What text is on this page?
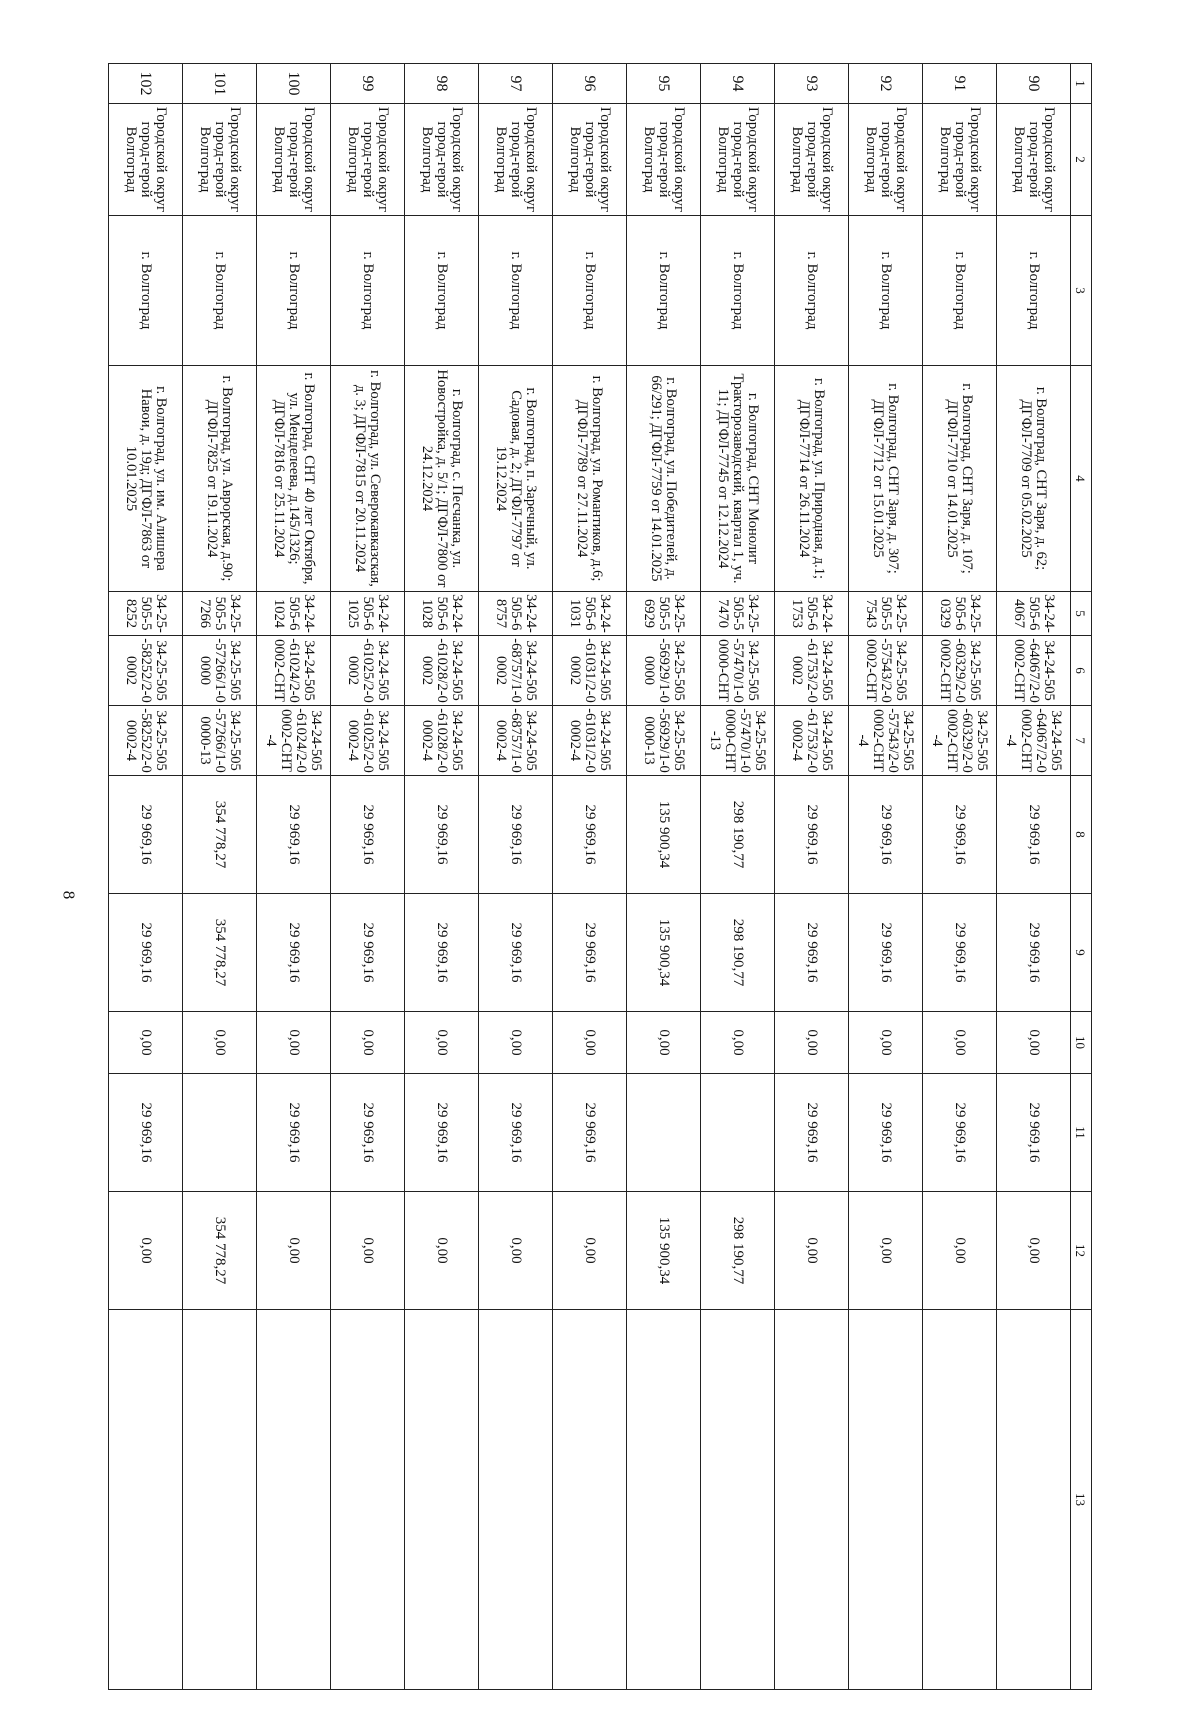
8
1	2	3	4	5	6	7	8	9	10	11	12	13
90	Городской округ город-герой Волгоград	г. Волгоград	г. Волгоград, СНТ Заря, д. 62; ДГФЛ-7709 от 05.02.2025	34-24-505-64067	34-24-505-64067/2-00002-СНТ	34-24-505-64067/2-00002-СНТ-4	29 969,16	29 969,16	0,00	29 969,16	0,00	
91	Городской округ город-герой Волгоград	г. Волгоград	г. Волгоград, СНТ Заря, д. 107; ДГФЛ-7710 от 14.01.2025	34-25-505-60329	34-25-505-60329/2-00002-СНТ	34-25-505-60329/2-00002-СНТ-4	29 969,16	29 969,16	0,00	29 969,16	0,00	
92	Городской округ город-герой Волгоград	г. Волгоград	г. Волгоград, СНТ Заря, д. 307; ДГФЛ-7712 от 15.01.2025	34-25-505-57543	34-25-505-57543/2-00002-СНТ	34-25-505-57543/2-00002-СНТ-4	29 969,16	29 969,16	0,00	29 969,16	0,00	
93	Городской округ город-герой Волгоград	г. Волгоград	г. Волгоград, ул. Природная, д.1; ДГФЛ-7714 от 26.11.2024	34-24-505-61753	34-24-505-61753/2-00002	34-24-505-61753/2-00002-4	29 969,16	29 969,16	0,00	29 969,16	0,00	
94	Городской округ город-герой Волгоград	г. Волгоград	г. Волгоград, СНТ Монолит Тракторозаводский, квартал 1, уч. 11; ДГФЛ-7745 от 12.12.2024	34-25-505-57470	34-25-505-57470/1-00000-СНТ	34-25-505-57470/1-00000-СНТ-13	298 190,77	298 190,77	0,00		298 190,77	
95	Городской округ город-герой Волгоград	г. Волгоград	г. Волгоград, ул. Победителей, д. 66/291; ДГФЛ-7759 от 14.01.2025	34-25-505-56929	34-25-505-56929/1-00000	34-25-505-56929/1-00000-13	135 900,34	135 900,34	0,00		135 900,34	
96	Городской округ город-герой Волгоград	г. Волгоград	г. Волгоград, ул. Романтиков, д.6; ДГФЛ-7789 от 27.11.2024	34-24-505-61031	34-24-505-61031/2-00002	34-24-505-61031/2-00002-4	29 969,16	29 969,16	0,00	29 969,16	0,00	
97	Городской округ город-герой Волгоград	г. Волгоград	г. Волгоград, п. Заречный, ул. Садовая, д. 2; ДГФЛ-7797 от 19.12.2024	34-24-505-68757	34-24-505-68757/1-00002	34-24-505-68757/1-00002-4	29 969,16	29 969,16	0,00	29 969,16	0,00	
98	Городской округ город-герой Волгоград	г. Волгоград	г. Волгоград, с. Песчанка, ул. Новостройка, д. 5/1; ДГФЛ-7800 от 24.12.2024	34-24-505-61028	34-24-505-61028/2-00002	34-24-505-61028/2-00002-4	29 969,16	29 969,16	0,00	29 969,16	0,00	
99	Городской округ город-герой Волгоград	г. Волгоград	г. Волгоград, ул. Северокавказская, д. 3; ДГФЛ-7815 от 20.11.2024	34-24-505-61025	34-24-505-61025/2-00002	34-24-505-61025/2-00002-4	29 969,16	29 969,16	0,00	29 969,16	0,00	
100	Городской округ город-герой Волгоград	г. Волгоград	г. Волгоград, СНТ 40 лет Октября, ул. Менделеева, д.145/1326; ДГФЛ-7816 от 25.11.2024	34-24-505-61024	34-24-505-61024/2-00002-СНТ	34-24-505-61024/2-00002-СНТ-4	29 969,16	29 969,16	0,00	29 969,16	0,00	
101	Городской округ город-герой Волгоград	г. Волгоград	г. Волгоград, ул. Аврорская, д.90; ДГФЛ-7825 от 19.11.2024	34-25-505-57266	34-25-505-57266/1-00000	34-25-505-57266/1-00000-13	354 778,27	354 778,27	0,00		354 778,27	
102	Городской округ город-герой Волгоград	г. Волгоград	г. Волгоград, ул. им. Алишера Навои, д. 19д; ДГФЛ-7863 от 10.01.2025	34-25-505-58252	34-25-505-58252/2-00002	34-25-505-58252/2-00002-4	29 969,16	29 969,16	0,00	29 969,16	0,00	
